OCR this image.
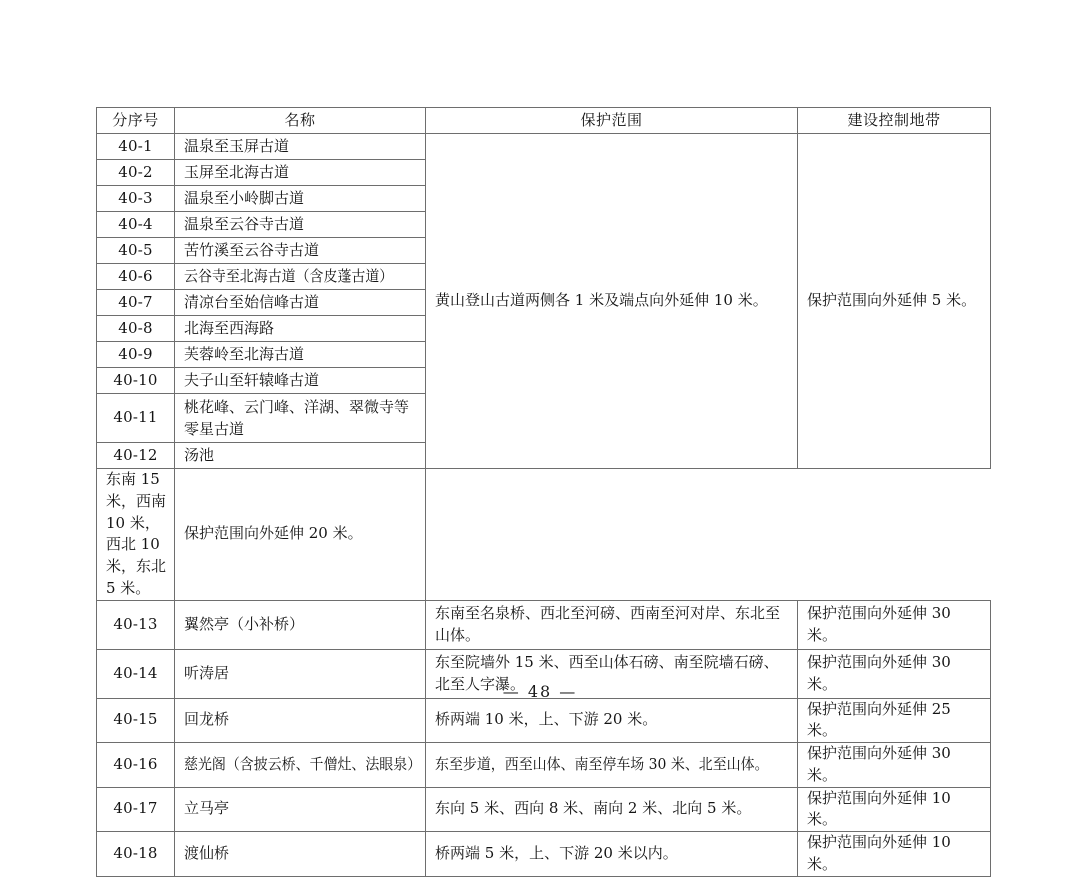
分序号	名称	保护范围	建设控制地带
40-1	温泉至玉屏古道	黄山登山古道两侧各 1 米及端点向外延伸 10 米。	保护范围向外延伸 5 米。
40-2	玉屏至北海古道		
40-3	温泉至小岭脚古道		
40-4	温泉至云谷寺古道		
40-5	苦竹溪至云谷寺古道		
40-6	云谷寺至北海古道（含皮蓬古道）		
40-7	清凉台至始信峰古道		
40-8	北海至西海路		
40-9	芙蓉岭至北海古道		
40-10	夫子山至轩辕峰古道		
40-11	桃花峰、云门峰、洋湖、翠微寺等零星古道		

40-12	汤池		
东南 15 米，西南 10 米，西北 10 米，东北 5 米。	保护范围向外延伸 20 米。		
40-13	翼然亭（小补桥）	东南至名泉桥、西北至河磅、西南至河对岸、东北至山体。	保护范围向外延伸 30 米。
40-14	听涛居	东至院墙外 15 米、西至山体石磅、南至院墙石磅、北至人字瀑。	保护范围向外延伸 30 米。
40-15	回龙桥	桥两端 10 米，上、下游 20 米。	保护范围向外延伸 25 米。
40-16	慈光阁（含披云桥、千僧灶、法眼泉）	东至步道，西至山体、南至停车场 30 米、北至山体。	保护范围向外延伸 30 米。
40-17	立马亭	东向 5 米、西向 8 米、南向 2 米、北向 5 米。	保护范围向外延伸 10 米。
40-18	渡仙桥	桥两端 5 米，上、下游 20 米以内。	保护范围向外延伸 10 米。
— 48 —
